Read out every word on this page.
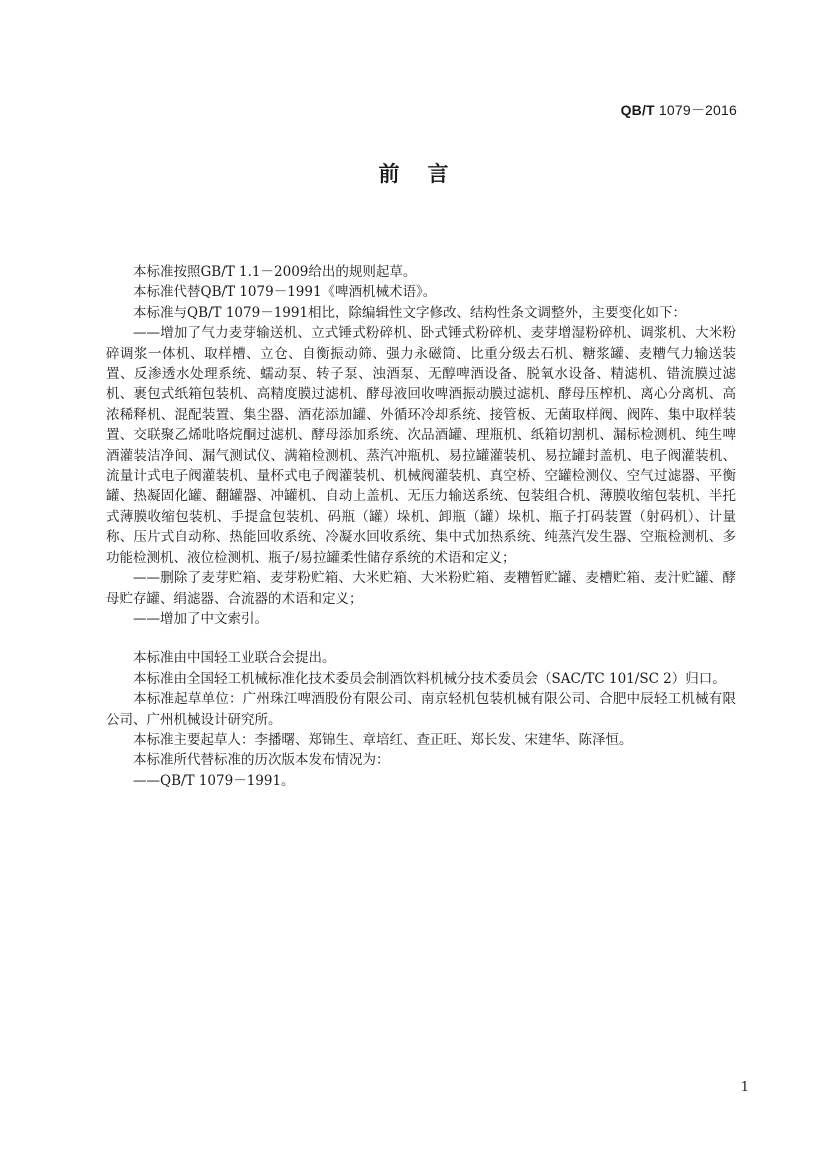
QB/T 1079－2016
前言

本标准按照GB/T 1.1－2009给出的规则起草。

本标准代替QB/T 1079－1991《啤酒机械术语》。

本标准与QB/T 1079－1991相比，除编辑性文字修改、结构性条文调整外，主要变化如下：

——增加了气力麦芽输送机、立式锤式粉碎机、卧式锤式粉碎机、麦芽增湿粉碎机、调浆机、大米粉碎调浆一体机、取样槽、立仓、自衡振动筛、强力永磁筒、比重分级去石机、糖浆罐、麦糟气力输送装置、反渗透水处理系统、蠕动泵、转子泵、浊酒泵、无醇啤酒设备、脱氧水设备、精滤机、错流膜过滤机、裹包式纸箱包装机、高精度膜过滤机、酵母液回收啤酒振动膜过滤机、酵母压榨机、离心分离机、高浓稀释机、混配装置、集尘器、酒花添加罐、外循环冷却系统、接管板、无菌取样阀、阀阵、集中取样装置、交联聚乙烯吡咯烷酮过滤机、酵母添加系统、次品酒罐、理瓶机、纸箱切割机、漏标检测机、纯生啤酒灌装洁净间、漏气测试仪、满箱检测机、蒸汽冲瓶机、易拉罐灌装机、易拉罐封盖机、电子阀灌装机、流量计式电子阀灌装机、量杯式电子阀灌装机、机械阀灌装机、真空桥、空罐检测仪、空气过滤器、平衡罐、热凝固化罐、翻罐器、冲罐机、自动上盖机、无压力输送系统、包装组合机、薄膜收缩包装机、半托式薄膜收缩包装机、手提盒包装机、码瓶（罐）垛机、卸瓶（罐）垛机、瓶子打码装置（射码机）、计量称、压片式自动称、热能回收系统、冷凝水回收系统、集中式加热系统、纯蒸汽发生器、空瓶检测机、多功能检测机、液位检测机、瓶子/易拉罐柔性储存系统的术语和定义；

——删除了麦芽贮箱、麦芽粉贮箱、大米贮箱、大米粉贮箱、麦糟暂贮罐、麦槽贮箱、麦汁贮罐、酵母贮存罐、绢滤器、合流器的术语和定义；

——增加了中文索引。

本标准由中国轻工业联合会提出。

本标准由全国轻工机械标准化技术委员会制酒饮料机械分技术委员会（SAC/TC 101/SC 2）归口。

本标准起草单位：广州珠江啤酒股份有限公司、南京轻机包装机械有限公司、合肥中辰轻工机械有限公司、广州机械设计研究所。

本标准主要起草人：李播曙、郑锦生、章培红、查正旺、郑长发、宋建华、陈泽恒。

本标准所代替标准的历次版本发布情况为：

——QB/T 1079－1991。

1
